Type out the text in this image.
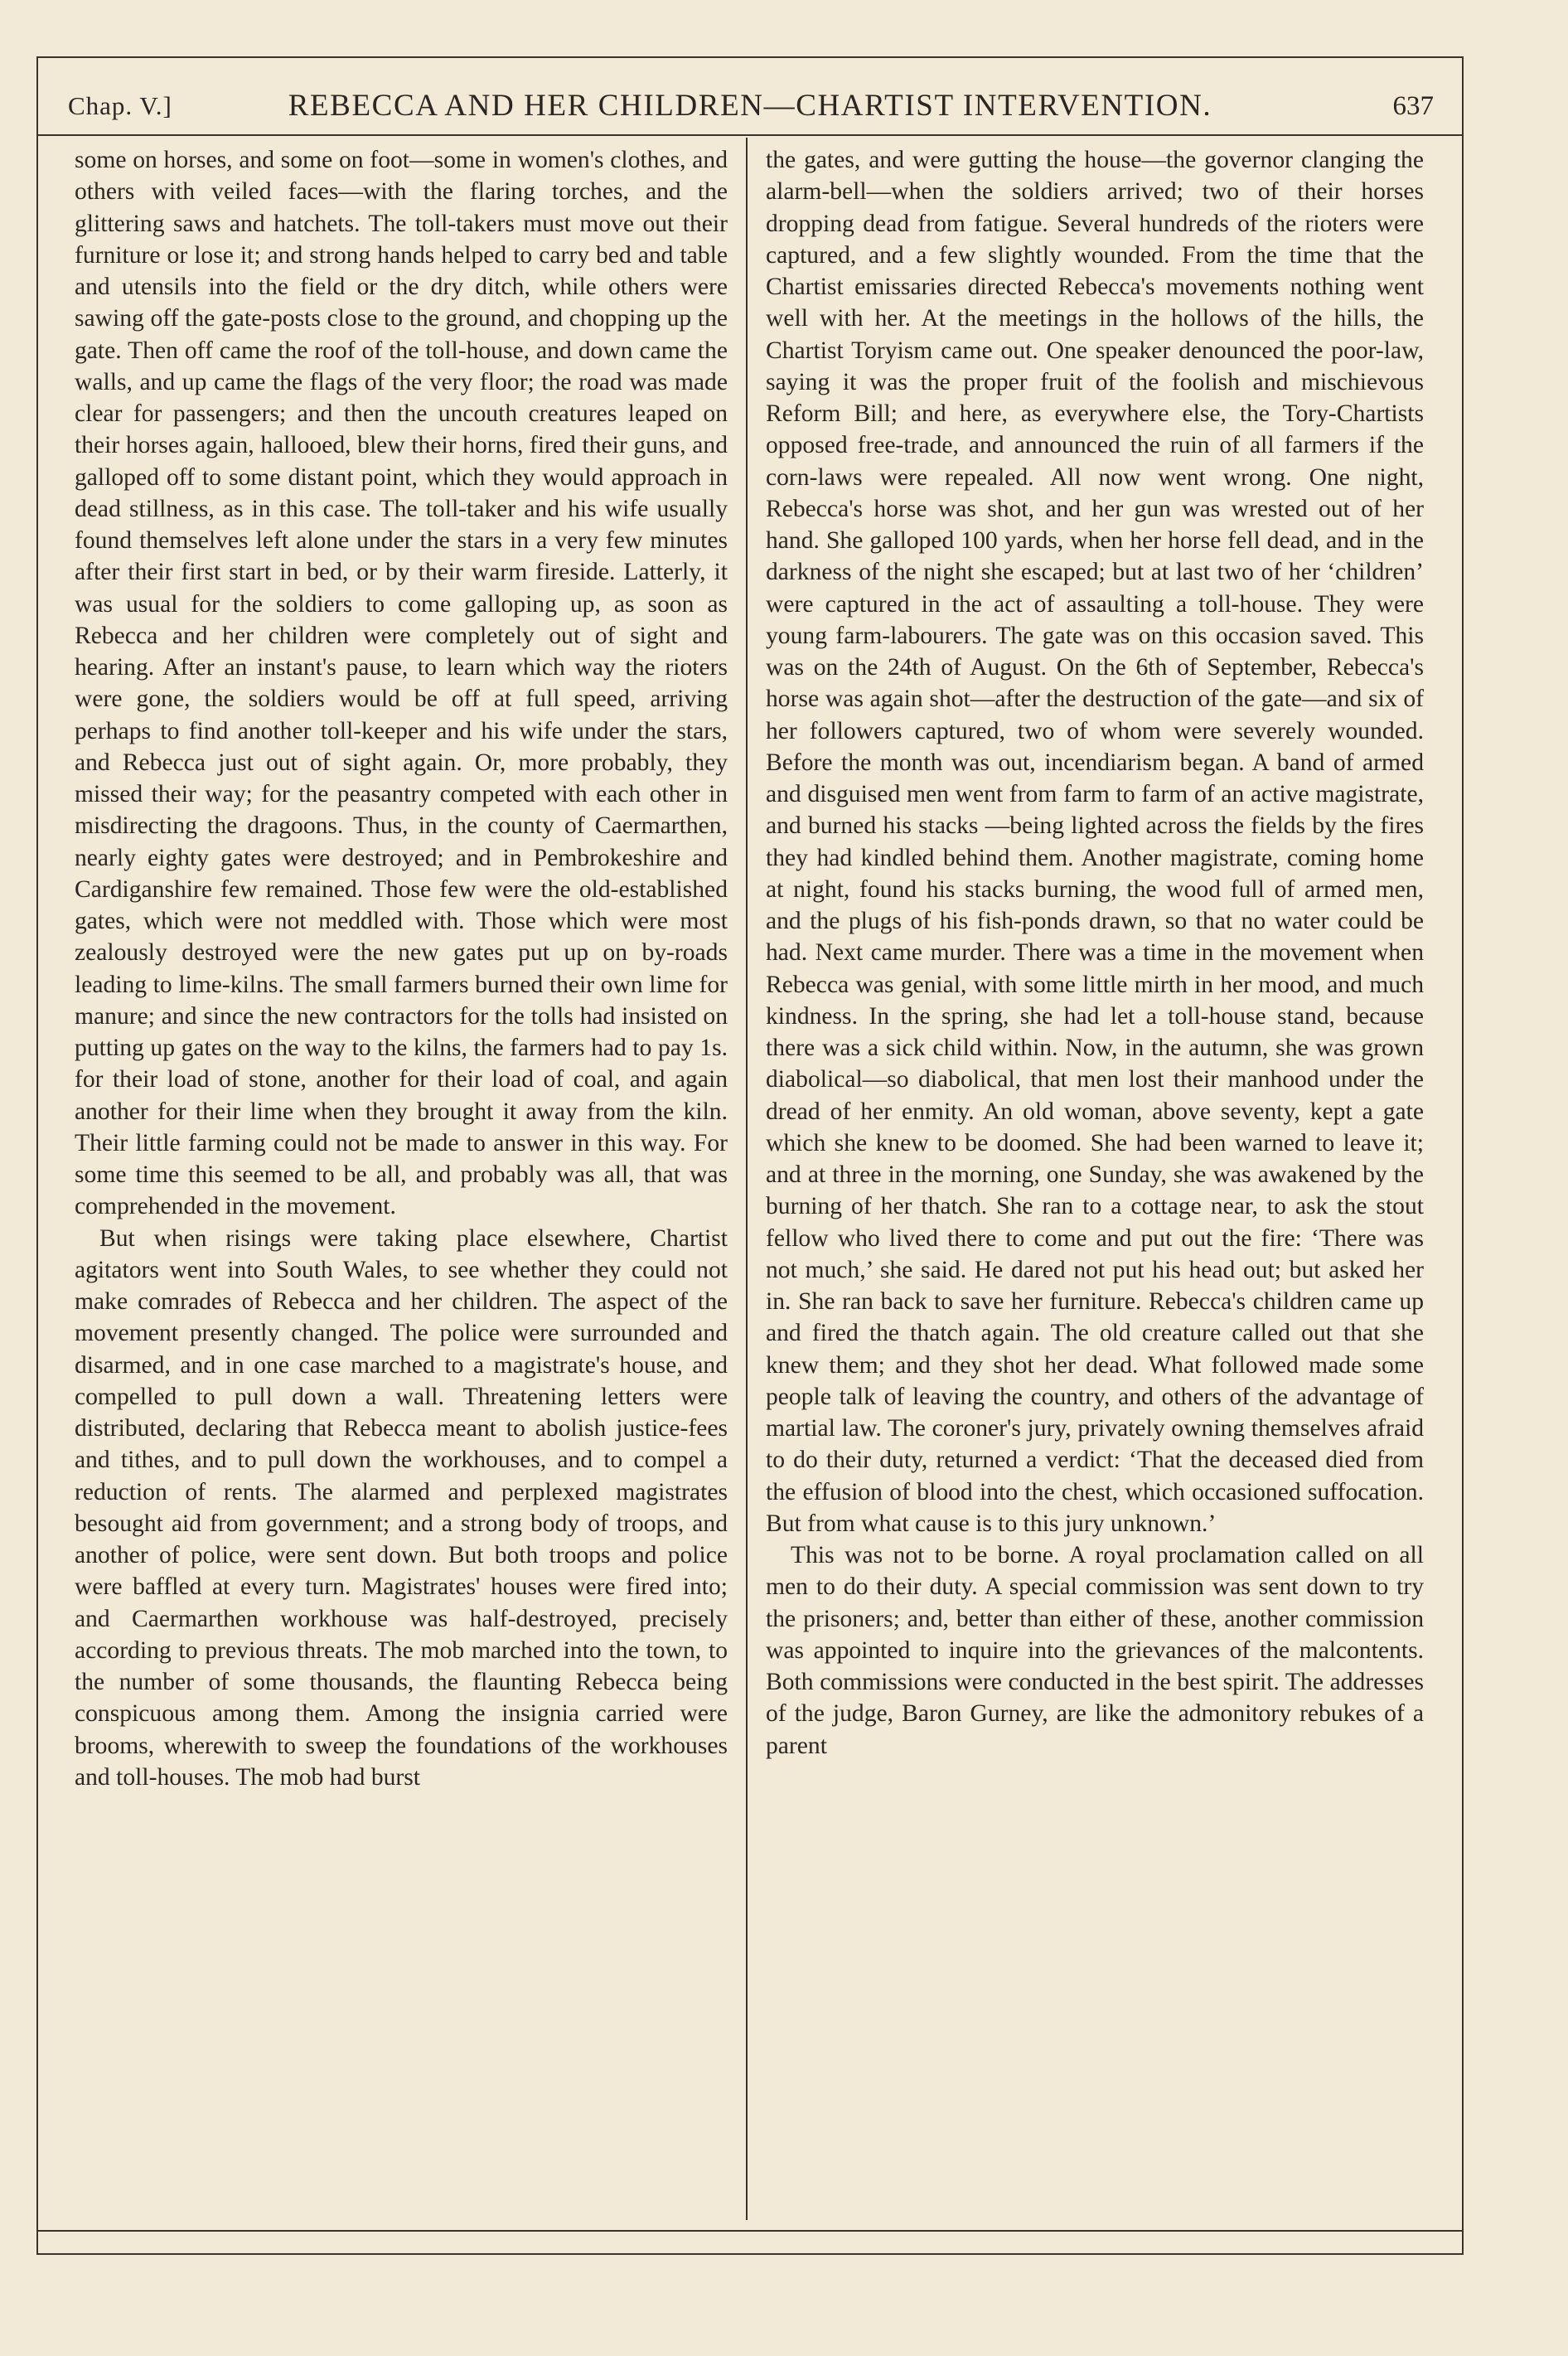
Chap. V.]	REBECCA AND HER CHILDREN—CHARTIST INTERVENTION.	637

some on horses, and some on foot—some in women's clothes, and others with veiled faces—with the flaring torches, and the glittering saws and hatchets. The toll-takers must move out their furniture or lose it; and strong hands helped to carry bed and table and utensils into the field or the dry ditch, while others were sawing off the gate-posts close to the ground, and chopping up the gate. Then off came the roof of the toll-house, and down came the walls, and up came the flags of the very floor; the road was made clear for passengers; and then the uncouth creatures leaped on their horses again, hallooed, blew their horns, fired their guns, and galloped off to some distant point, which they would approach in dead stillness, as in this case. The toll-taker and his wife usually found themselves left alone under the stars in a very few minutes after their first start in bed, or by their warm fireside. Latterly, it was usual for the soldiers to come galloping up, as soon as Rebecca and her children were completely out of sight and hearing. After an instant's pause, to learn which way the rioters were gone, the soldiers would be off at full speed, arriving perhaps to find another toll-keeper and his wife under the stars, and Rebecca just out of sight again. Or, more probably, they missed their way; for the peasantry competed with each other in misdirecting the dragoons. Thus, in the county of Caermarthen, nearly eighty gates were destroyed; and in Pembrokeshire and Cardiganshire few remained. Those few were the old-established gates, which were not meddled with. Those which were most zealously destroyed were the new gates put up on by-roads leading to lime-kilns. The small farmers burned their own lime for manure; and since the new contractors for the tolls had insisted on putting up gates on the way to the kilns, the farmers had to pay 1s. for their load of stone, another for their load of coal, and again another for their lime when they brought it away from the kiln. Their little farming could not be made to answer in this way. For some time this seemed to be all, and probably was all, that was comprehended in the movement.

But when risings were taking place elsewhere, Chartist agitators went into South Wales, to see whether they could not make comrades of Rebecca and her children. The aspect of the movement presently changed. The police were surrounded and disarmed, and in one case marched to a magistrate's house, and compelled to pull down a wall. Threatening letters were distributed, declaring that Rebecca meant to abolish justice-fees and tithes, and to pull down the workhouses, and to compel a reduction of rents. The alarmed and perplexed magistrates besought aid from government; and a strong body of troops, and another of police, were sent down. But both troops and police were baffled at every turn. Magistrates' houses were fired into; and Caermarthen workhouse was half-destroyed, precisely according to previous threats. The mob marched into the town, to the number of some thousands, the flaunting Rebecca being conspicuous among them. Among the insignia carried were brooms, wherewith to sweep the foundations of the workhouses and toll-houses. The mob had burst

the gates, and were gutting the house—the governor clanging the alarm-bell—when the soldiers arrived; two of their horses dropping dead from fatigue. Several hundreds of the rioters were captured, and a few slightly wounded. From the time that the Chartist emissaries directed Rebecca's movements nothing went well with her. At the meetings in the hollows of the hills, the Chartist Toryism came out. One speaker denounced the poor-law, saying it was the proper fruit of the foolish and mischievous Reform Bill; and here, as everywhere else, the Tory-Chartists opposed free-trade, and announced the ruin of all farmers if the corn-laws were repealed. All now went wrong. One night, Rebecca's horse was shot, and her gun was wrested out of her hand. She galloped 100 yards, when her horse fell dead, and in the darkness of the night she escaped; but at last two of her ‘children’ were captured in the act of assaulting a toll-house. They were young farm-labourers. The gate was on this occasion saved. This was on the 24th of August. On the 6th of September, Rebecca's horse was again shot—after the destruction of the gate—and six of her followers captured, two of whom were severely wounded. Before the month was out, incendiarism began. A band of armed and disguised men went from farm to farm of an active magistrate, and burned his stacks —being lighted across the fields by the fires they had kindled behind them. Another magistrate, coming home at night, found his stacks burning, the wood full of armed men, and the plugs of his fish-ponds drawn, so that no water could be had. Next came murder. There was a time in the movement when Rebecca was genial, with some little mirth in her mood, and much kindness. In the spring, she had let a toll-house stand, because there was a sick child within. Now, in the autumn, she was grown diabolical—so diabolical, that men lost their manhood under the dread of her enmity. An old woman, above seventy, kept a gate which she knew to be doomed. She had been warned to leave it; and at three in the morning, one Sunday, she was awakened by the burning of her thatch. She ran to a cottage near, to ask the stout fellow who lived there to come and put out the fire: ‘There was not much,’ she said. He dared not put his head out; but asked her in. She ran back to save her furniture. Rebecca's children came up and fired the thatch again. The old creature called out that she knew them; and they shot her dead. What followed made some people talk of leaving the country, and others of the advantage of martial law. The coroner's jury, privately owning themselves afraid to do their duty, returned a verdict: ‘That the deceased died from the effusion of blood into the chest, which occasioned suffocation. But from what cause is to this jury unknown.’

This was not to be borne. A royal proclamation called on all men to do their duty. A special commission was sent down to try the prisoners; and, better than either of these, another commission was appointed to inquire into the grievances of the malcontents. Both commissions were conducted in the best spirit. The addresses of the judge, Baron Gurney, are like the admonitory rebukes of a parent
